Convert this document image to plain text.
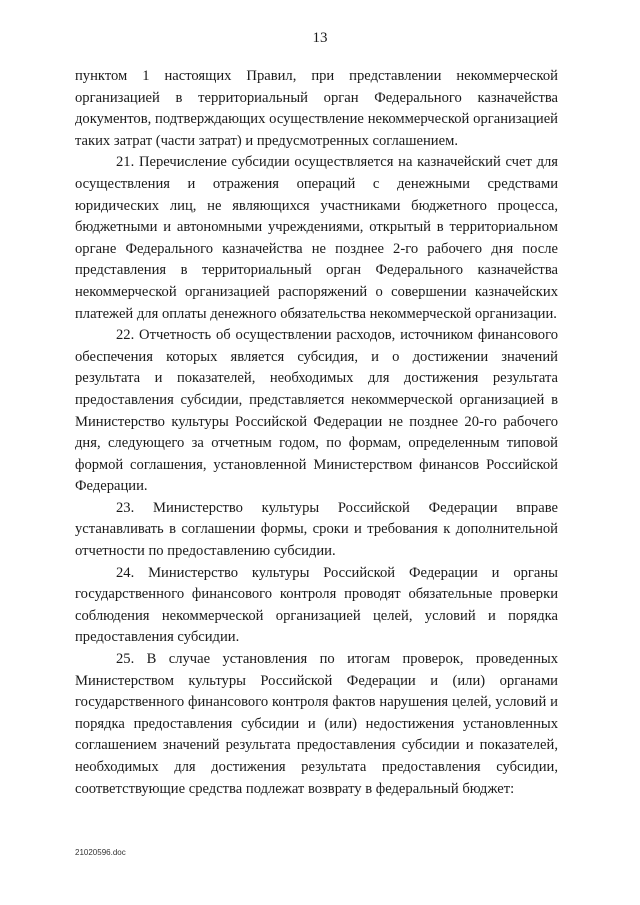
13

пунктом 1 настоящих Правил, при представлении некоммерческой организацией в территориальный орган Федерального казначейства документов, подтверждающих осуществление некоммерческой организацией таких затрат (части затрат) и предусмотренных соглашением.

21. Перечисление субсидии осуществляется на казначейский счет для осуществления и отражения операций с денежными средствами юридических лиц, не являющихся участниками бюджетного процесса, бюджетными и автономными учреждениями, открытый в территориальном органе Федерального казначейства не позднее 2-го рабочего дня после представления в территориальный орган Федерального казначейства некоммерческой организацией распоряжений о совершении казначейских платежей для оплаты денежного обязательства некоммерческой организации.

22. Отчетность об осуществлении расходов, источником финансового обеспечения которых является субсидия, и о достижении значений результата и показателей, необходимых для достижения результата предоставления субсидии, представляется некоммерческой организацией в Министерство культуры Российской Федерации не позднее 20-го рабочего дня, следующего за отчетным годом, по формам, определенным типовой формой соглашения, установленной Министерством финансов Российской Федерации.

23. Министерство культуры Российской Федерации вправе устанавливать в соглашении формы, сроки и требования к дополнительной отчетности по предоставлению субсидии.

24. Министерство культуры Российской Федерации и органы государственного финансового контроля проводят обязательные проверки соблюдения некоммерческой организацией целей, условий и порядка предоставления субсидии.

25. В случае установления по итогам проверок, проведенных Министерством культуры Российской Федерации и (или) органами государственного финансового контроля фактов нарушения целей, условий и порядка предоставления субсидии и (или) недостижения установленных соглашением значений результата предоставления субсидии и показателей, необходимых для достижения результата предоставления субсидии, соответствующие средства подлежат возврату в федеральный бюджет:

21020596.doc
